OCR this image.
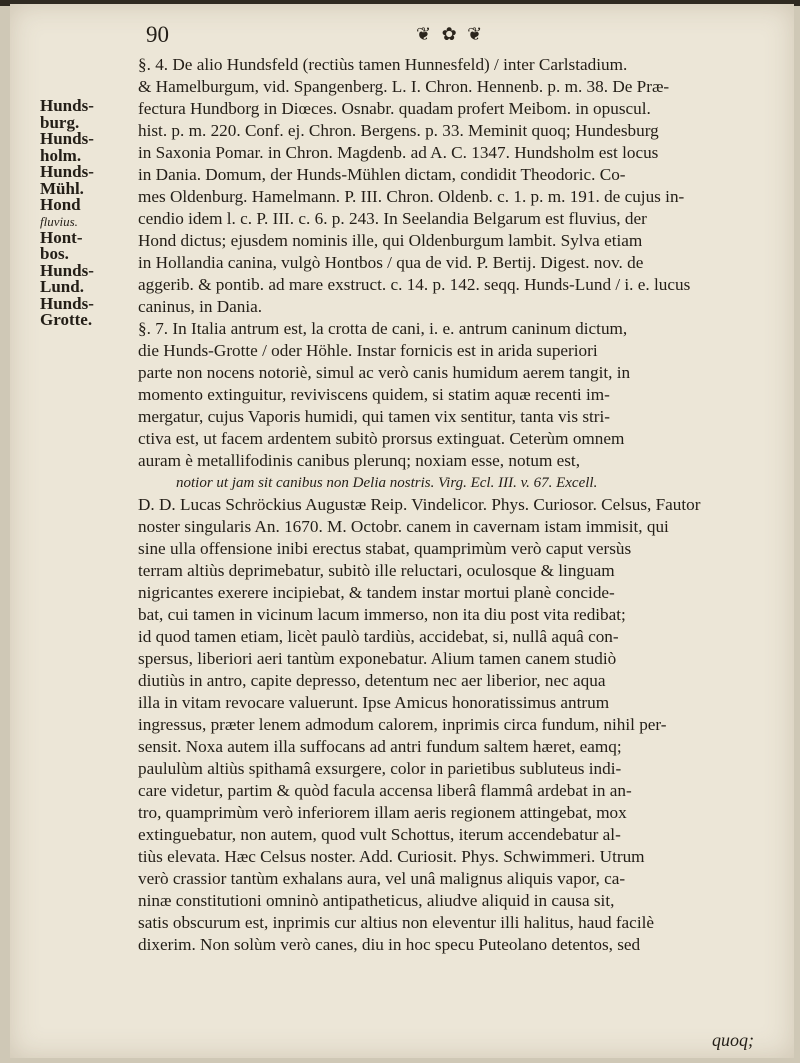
90	❦ ✿ ❦
Hunds-
burg.
Hunds-
holm.
Hunds-
Mühl.
Hond
fluvius.
Hont-
bos.
Hunds-
Lund.
Hunds-
Grotte.
§. 4. De alio Hundsfeld (rectiùs tamen Hunnesfeld) / inter Carlstadium.
& Hamelburgum, vid. Spangenberg. L. I. Chron. Hennenb. p. m. 38. De Præ-
fectura Hundborg in Diœces. Osnabr. quadam profert Meibom. in opuscul.
hist. p. m. 220. Conf. ej. Chron. Bergens. p. 33. Meminit quoq; Hundesburg
in Saxonia Pomar. in Chron. Magdenb. ad A. C. 1347. Hundsholm est locus
in Dania. Domum, der Hunds-Mühlen dictam, condidit Theodoric. Co-
mes Oldenburg. Hamelmann. P. III. Chron. Oldenb. c. 1. p. m. 191. de cujus in-
cendio idem l. c. P. III. c. 6. p. 243. In Seelandia Belgarum est fluvius, der
Hond dictus; ejusdem nominis ille, qui Oldenburgum lambit. Sylva etiam
in Hollandia canina, vulgò Hontbos / qua de vid. P. Bertij. Digest. nov. de
aggerib. & pontib. ad mare exstruct. c. 14. p. 142. seqq. Hunds-Lund / i. e. lucus
caninus, in Dania.
§. 7. In Italia antrum est, la crotta de cani, i. e. antrum caninum dictum,
die Hunds-Grotte / oder Höhle. Instar fornicis est in arida superiori
parte non nocens notoriè, simul ac verò canis humidum aerem tangit, in
momento extinguitur, reviviscens quidem, si statim aquæ recenti im-
mergatur, cujus Vaporis humidi, qui tamen vix sentitur, tanta vis stri-
ctiva est, ut facem ardentem subitò prorsus extinguat. Ceterùm omnem
auram è metallifodinis canibus plerunq; noxiam esse, notum est,
notior ut jam sit canibus non Delia nostris. Virg. Ecl. III. v. 67. Excell.
D. D. Lucas Schröckius Augustæ Reip. Vindelicor. Phys. Curiosor. Celsus, Fautor
noster singularis An. 1670. M. Octobr. canem in cavernam istam immisit, qui
sine ulla offensione inibi erectus stabat, quamprimùm verò caput versùs
terram altiùs deprimebatur, subitò ille reluctari, oculosque & linguam
nigricantes exerere incipiebat, & tandem instar mortui planè concide-
bat, cui tamen in vicinum lacum immerso, non ita diu post vita redibat;
id quod tamen etiam, licèt paulò tardiùs, accidebat, si, nullâ aquâ con-
spersus, liberiori aeri tantùm exponebatur. Alium tamen canem studiò
diutiùs in antro, capite depresso, detentum nec aer liberior, nec aqua
illa in vitam revocare valuerunt. Ipse Amicus honoratissimus antrum
ingressus, præter lenem admodum calorem, inprimis circa fundum, nihil per-
sensit. Noxa autem illa suffocans ad antri fundum saltem hæret, eamq;
paululùm altiùs spithamâ exsurgere, color in parietibus subluteus indi-
care videtur, partim & quòd facula accensa liberâ flammâ ardebat in an-
tro, quamprimùm verò inferiorem illam aeris regionem attingebat, mox
extinguebatur, non autem, quod vult Schottus, iterum accendebatur al-
tiùs elevata. Hæc Celsus noster. Add. Curiosit. Phys. Schwimmeri. Utrum
verò crassior tantùm exhalans aura, vel unâ malignus aliquis vapor, ca-
ninæ constitutioni omninò antipatheticus, aliudve aliquid in causa sit,
satis obscurum est, inprimis cur altius non eleventur illi halitus, haud facilè
dixerim. Non solùm verò canes, diu in hoc specu Puteolano detentos, sed
quoq;
